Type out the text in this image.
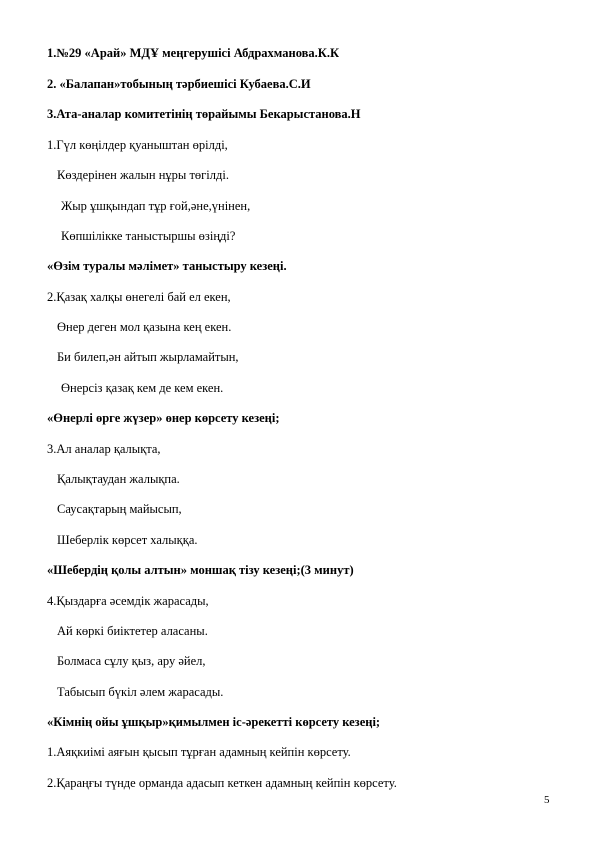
1.№29 «Арай» МДҰ меңгерушісі Абдрахманова.К.К
2. «Балапан»тобының тәрбиешісі Кубаева.С.И
3.Ата-аналар комитетінің төрайымы Бекарыстанова.Н
1.Гүл көңілдер қуаныштан өрілді,
Көздерінен жалын нұры төгілді.
Жыр ұшқындап тұр ғой,әне,үнінен,
Көпшілікке таныстыршы өзіңді?
«Өзім туралы мәлімет» таныстыру кезеңі.
2.Қазақ халқы өнегелі бай ел екен,
Өнер деген мол қазына кең екен.
Би билеп,ән айтып жырламайтын,
Өнерсіз қазақ кем де кем екен.
«Өнерлі өрге жүзер» өнер көрсету кезеңі;
3.Ал аналар қалықта,
Қалықтаудан жалықпа.
Саусақтарың майысып,
Шеберлік көрсет халыққа.
«Шебердің қолы алтын» моншақ тізу кезеңі;(3 минут)
4.Қыздарға әсемдік жарасады,
Ай көркі биіктетер аласаны.
Болмаса сұлу қыз, ару әйел,
Табысып бүкіл әлем жарасады.
«Кімнің ойы ұшқыр»қимылмен іс-әрекетті көрсету кезеңі;
1.Аяқкиімі аяғын қысып тұрған адамның кейпін көрсету.
2.Қараңғы түнде орманда адасып кеткен адамның кейпін көрсету.
5
